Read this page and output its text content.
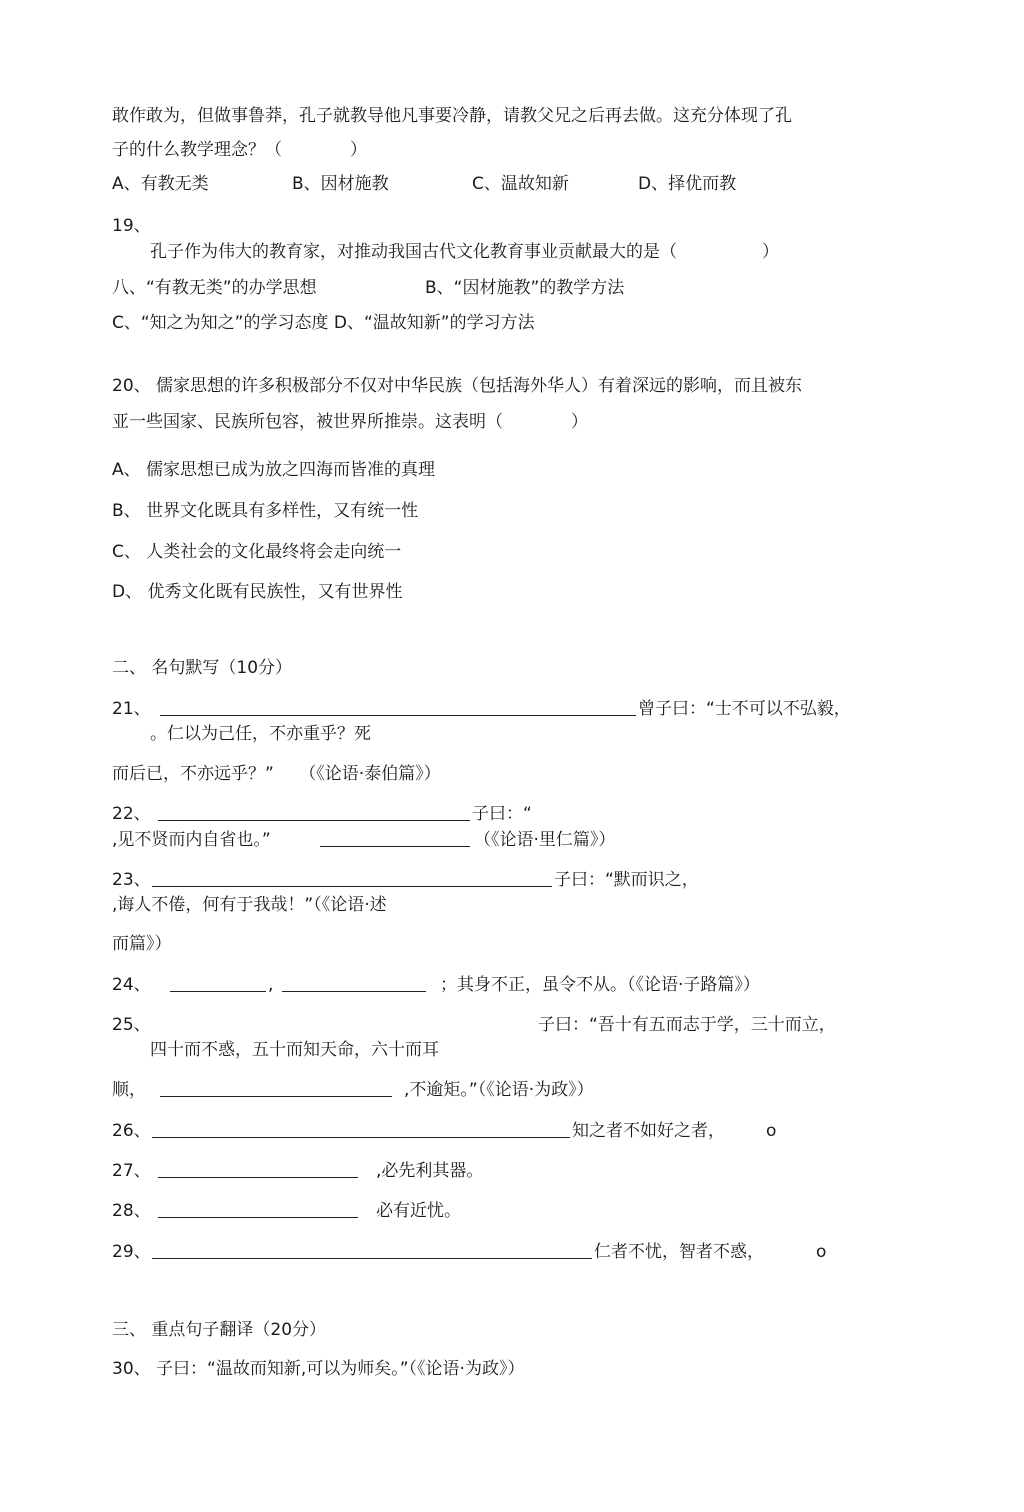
敢作敢为，但做事鲁莽，孔子就教导他凡事要冷静，请教父兄之后再去做。这充分体现了孔
子的什么教学理念？（　　　　）
A、有教无类	B、因材施教	C、温故知新	D、择优而教
19、
孔子作为伟大的教育家，对推动我国古代文化教育事业贡献最大的是（　　　　　）
八、“有教无类”的办学思想	B、“因材施教”的教学方法
C、“知之为知之”的学习态度 D、“温故知新”的学习方法
20、 儒家思想的许多积极部分不仅对中华民族（包括海外华人）有着深远的影响，而且被东
亚一些国家、民族所包容，被世界所推崇。这表明（　　　　）
A、 儒家思想已成为放之四海而皆准的真理
B、 世界文化既具有多样性，又有统一性
C、 人类社会的文化最终将会走向统一
D、 优秀文化既有民族性，又有世界性
二、 名句默写（10分）
21、	曾子曰：“士不可以不弘毅，
。仁以为己任，不亦重乎？死
而后已，不亦远乎？”　　（《论语·泰伯篇》）
22、	子曰：“
,见不贤而内自省也。”	（《论语·里仁篇》）
23、	子曰：“默而识之，
,诲人不倦，何有于我哉！”（《论语·述
而篇》）
24、	,	；其身不正，虽令不从。（《论语·子路篇》）
25、	子曰：“吾十有五而志于学，三十而立，
四十而不惑，五十而知天命，六十而耳
顺，	,不逾矩。”（《论语·为政》）
26、	知之者不如好之者， o
27、	,必先利其器。
28、	必有近忧。
29、	仁者不忧，智者不惑，	o
三、 重点句子翻译（20分）
30、 子曰：“温故而知新,可以为师矣。”（《论语·为政》）
